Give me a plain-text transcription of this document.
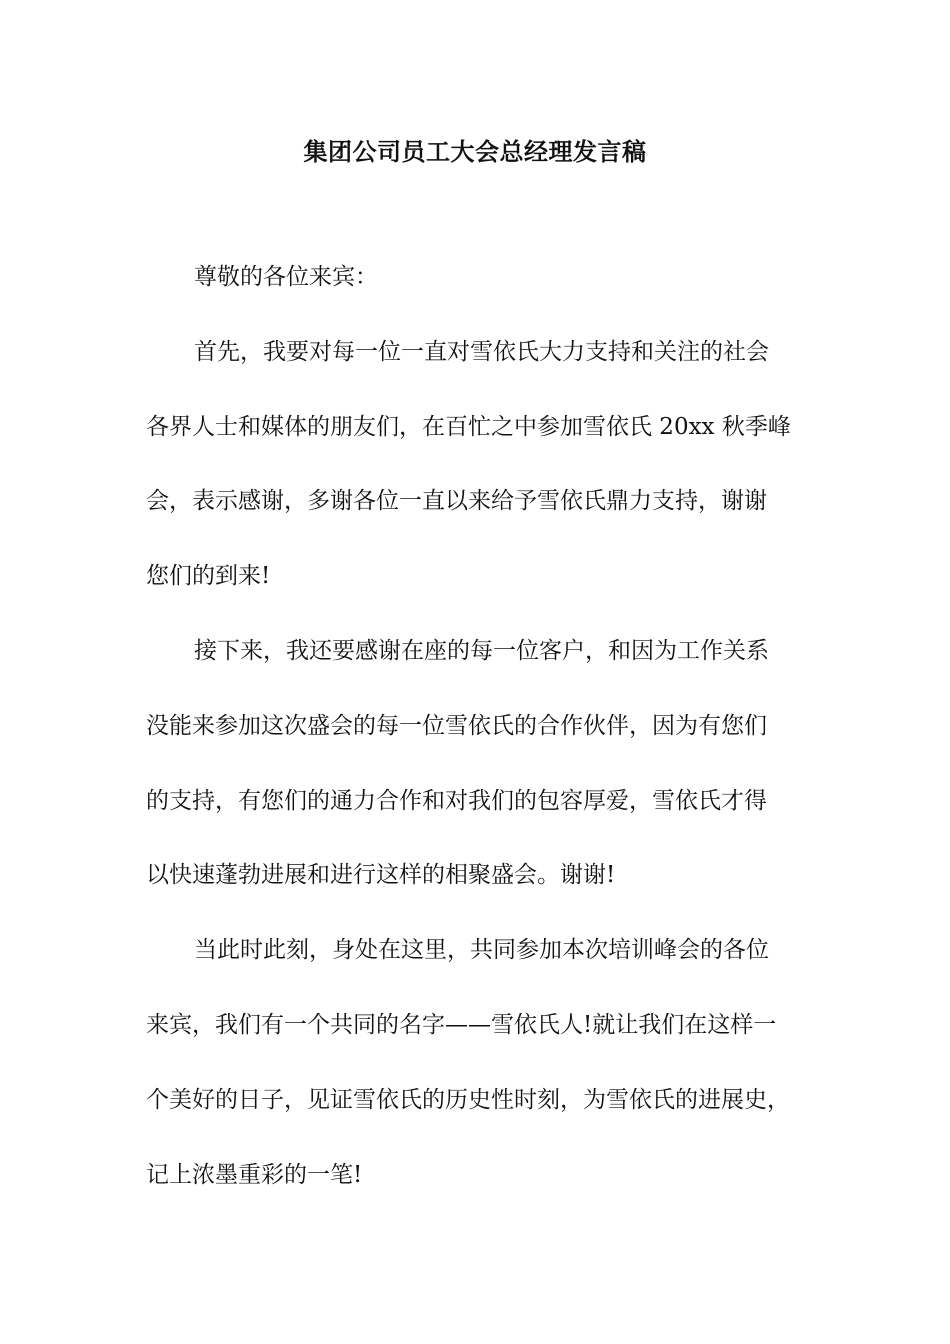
集团公司员工大会总经理发言稿
尊敬的各位来宾：
首先，我要对每一位一直对雪依氏大力支持和关注的社会
各界人士和媒体的朋友们，在百忙之中参加雪依氏 20xx 秋季峰
会，表示感谢，多谢各位一直以来给予雪依氏鼎力支持，谢谢
您们的到来!
接下来，我还要感谢在座的每一位客户，和因为工作关系
没能来参加这次盛会的每一位雪依氏的合作伙伴，因为有您们
的支持，有您们的通力合作和对我们的包容厚爱，雪依氏才得
以快速蓬勃进展和进行这样的相聚盛会。谢谢!
当此时此刻，身处在这里，共同参加本次培训峰会的各位
来宾，我们有一个共同的名字——雪依氏人!就让我们在这样一
个美好的日子，见证雪依氏的历史性时刻，为雪依氏的进展史，
记上浓墨重彩的一笔!
